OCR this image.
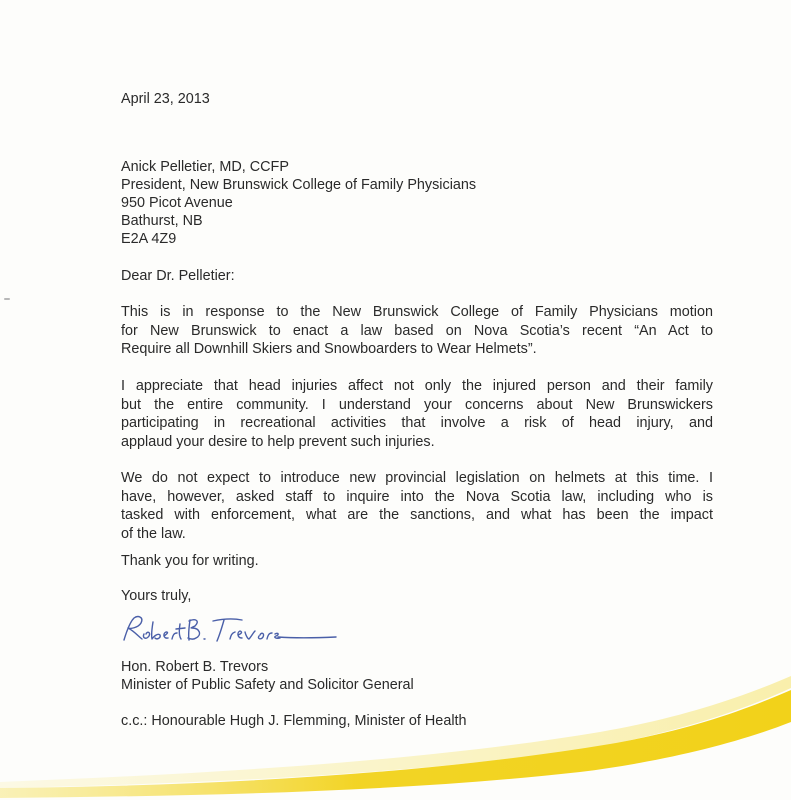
April 23, 2013
Anick Pelletier, MD, CCFP
President, New Brunswick College of Family Physicians
950 Picot Avenue
Bathurst, NB
E2A 4Z9
Dear Dr. Pelletier:
This is in response to the New Brunswick College of Family Physicians motion
for New Brunswick to enact a law based on Nova Scotia’s recent “An Act to
Require all Downhill Skiers and Snowboarders to Wear Helmets”.
I appreciate that head injuries affect not only the injured person and their family
but the entire community. I understand your concerns about New Brunswickers
participating in recreational activities that involve a risk of head injury, and
applaud your desire to help prevent such injuries.
We do not expect to introduce new provincial legislation on helmets at this time. I
have, however, asked staff to inquire into the Nova Scotia law, including who is
tasked with enforcement, what are the sanctions, and what has been the impact
of the law.
Thank you for writing.
Yours truly,
Hon. Robert B. Trevors
Minister of Public Safety and Solicitor General
c.c.: Honourable Hugh J. Flemming, Minister of Health
